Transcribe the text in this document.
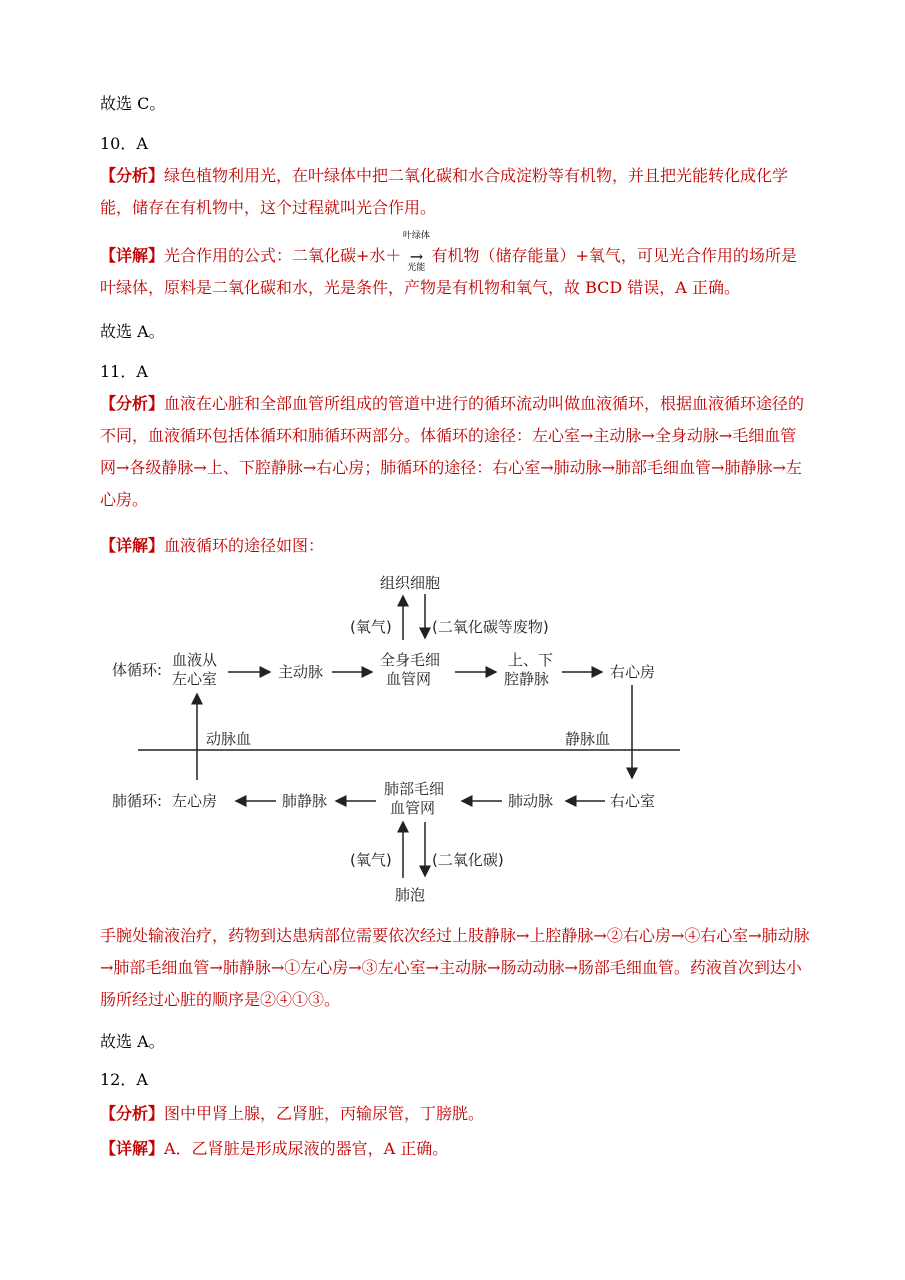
故选 C。
10．A
【分析】绿色植物利用光，在叶绿体中把二氧化碳和水合成淀粉等有机物，并且把光能转化成化学能，储存在有机物中，这个过程就叫光合作用。
【详解】光合作用的公式：二氧化碳+水＋
叶绿体
→
光能
有机物（储存能量）+氧气，可见光合作用的场所是叶绿体，原料是二氧化碳和水，光是条件，产物是有机物和氧气，故 BCD 错误，A 正确。
故选 A。
11．A
【分析】血液在心脏和全部血管所组成的管道中进行的循环流动叫做血液循环，根据血液循环途径的不同，血液循环包括体循环和肺循环两部分。体循环的途径：左心室→主动脉→全身动脉→毛细血管网→各级静脉→上、下腔静脉→右心房；肺循环的途径：右心室→肺动脉→肺部毛细血管→肺静脉→左心房。
【详解】血液循环的途径如图：
组织细胞
(氧气)	(二氧化碳等废物)
体循环:
血液从
左心室	主动脉
全身毛细
血管网
上、下
腔静脉	右心房
动脉血	静脉血
肺循环: 左心房	肺静脉
肺部毛细
血管网	肺动脉	右心室
(氧气)	(二氧化碳)
肺泡
手腕处输液治疗，药物到达患病部位需要依次经过上肢静脉→上腔静脉→②右心房→④右心室→肺动脉→肺部毛细血管→肺静脉→①左心房→③左心室→主动脉→肠动动脉→肠部毛细血管。药液首次到达小肠所经过心脏的顺序是②④①③。
故选 A。
12．A
【分析】图中甲肾上腺，乙肾脏，丙输尿管，丁膀胱。
【详解】A．乙肾脏是形成尿液的器官，A 正确。
